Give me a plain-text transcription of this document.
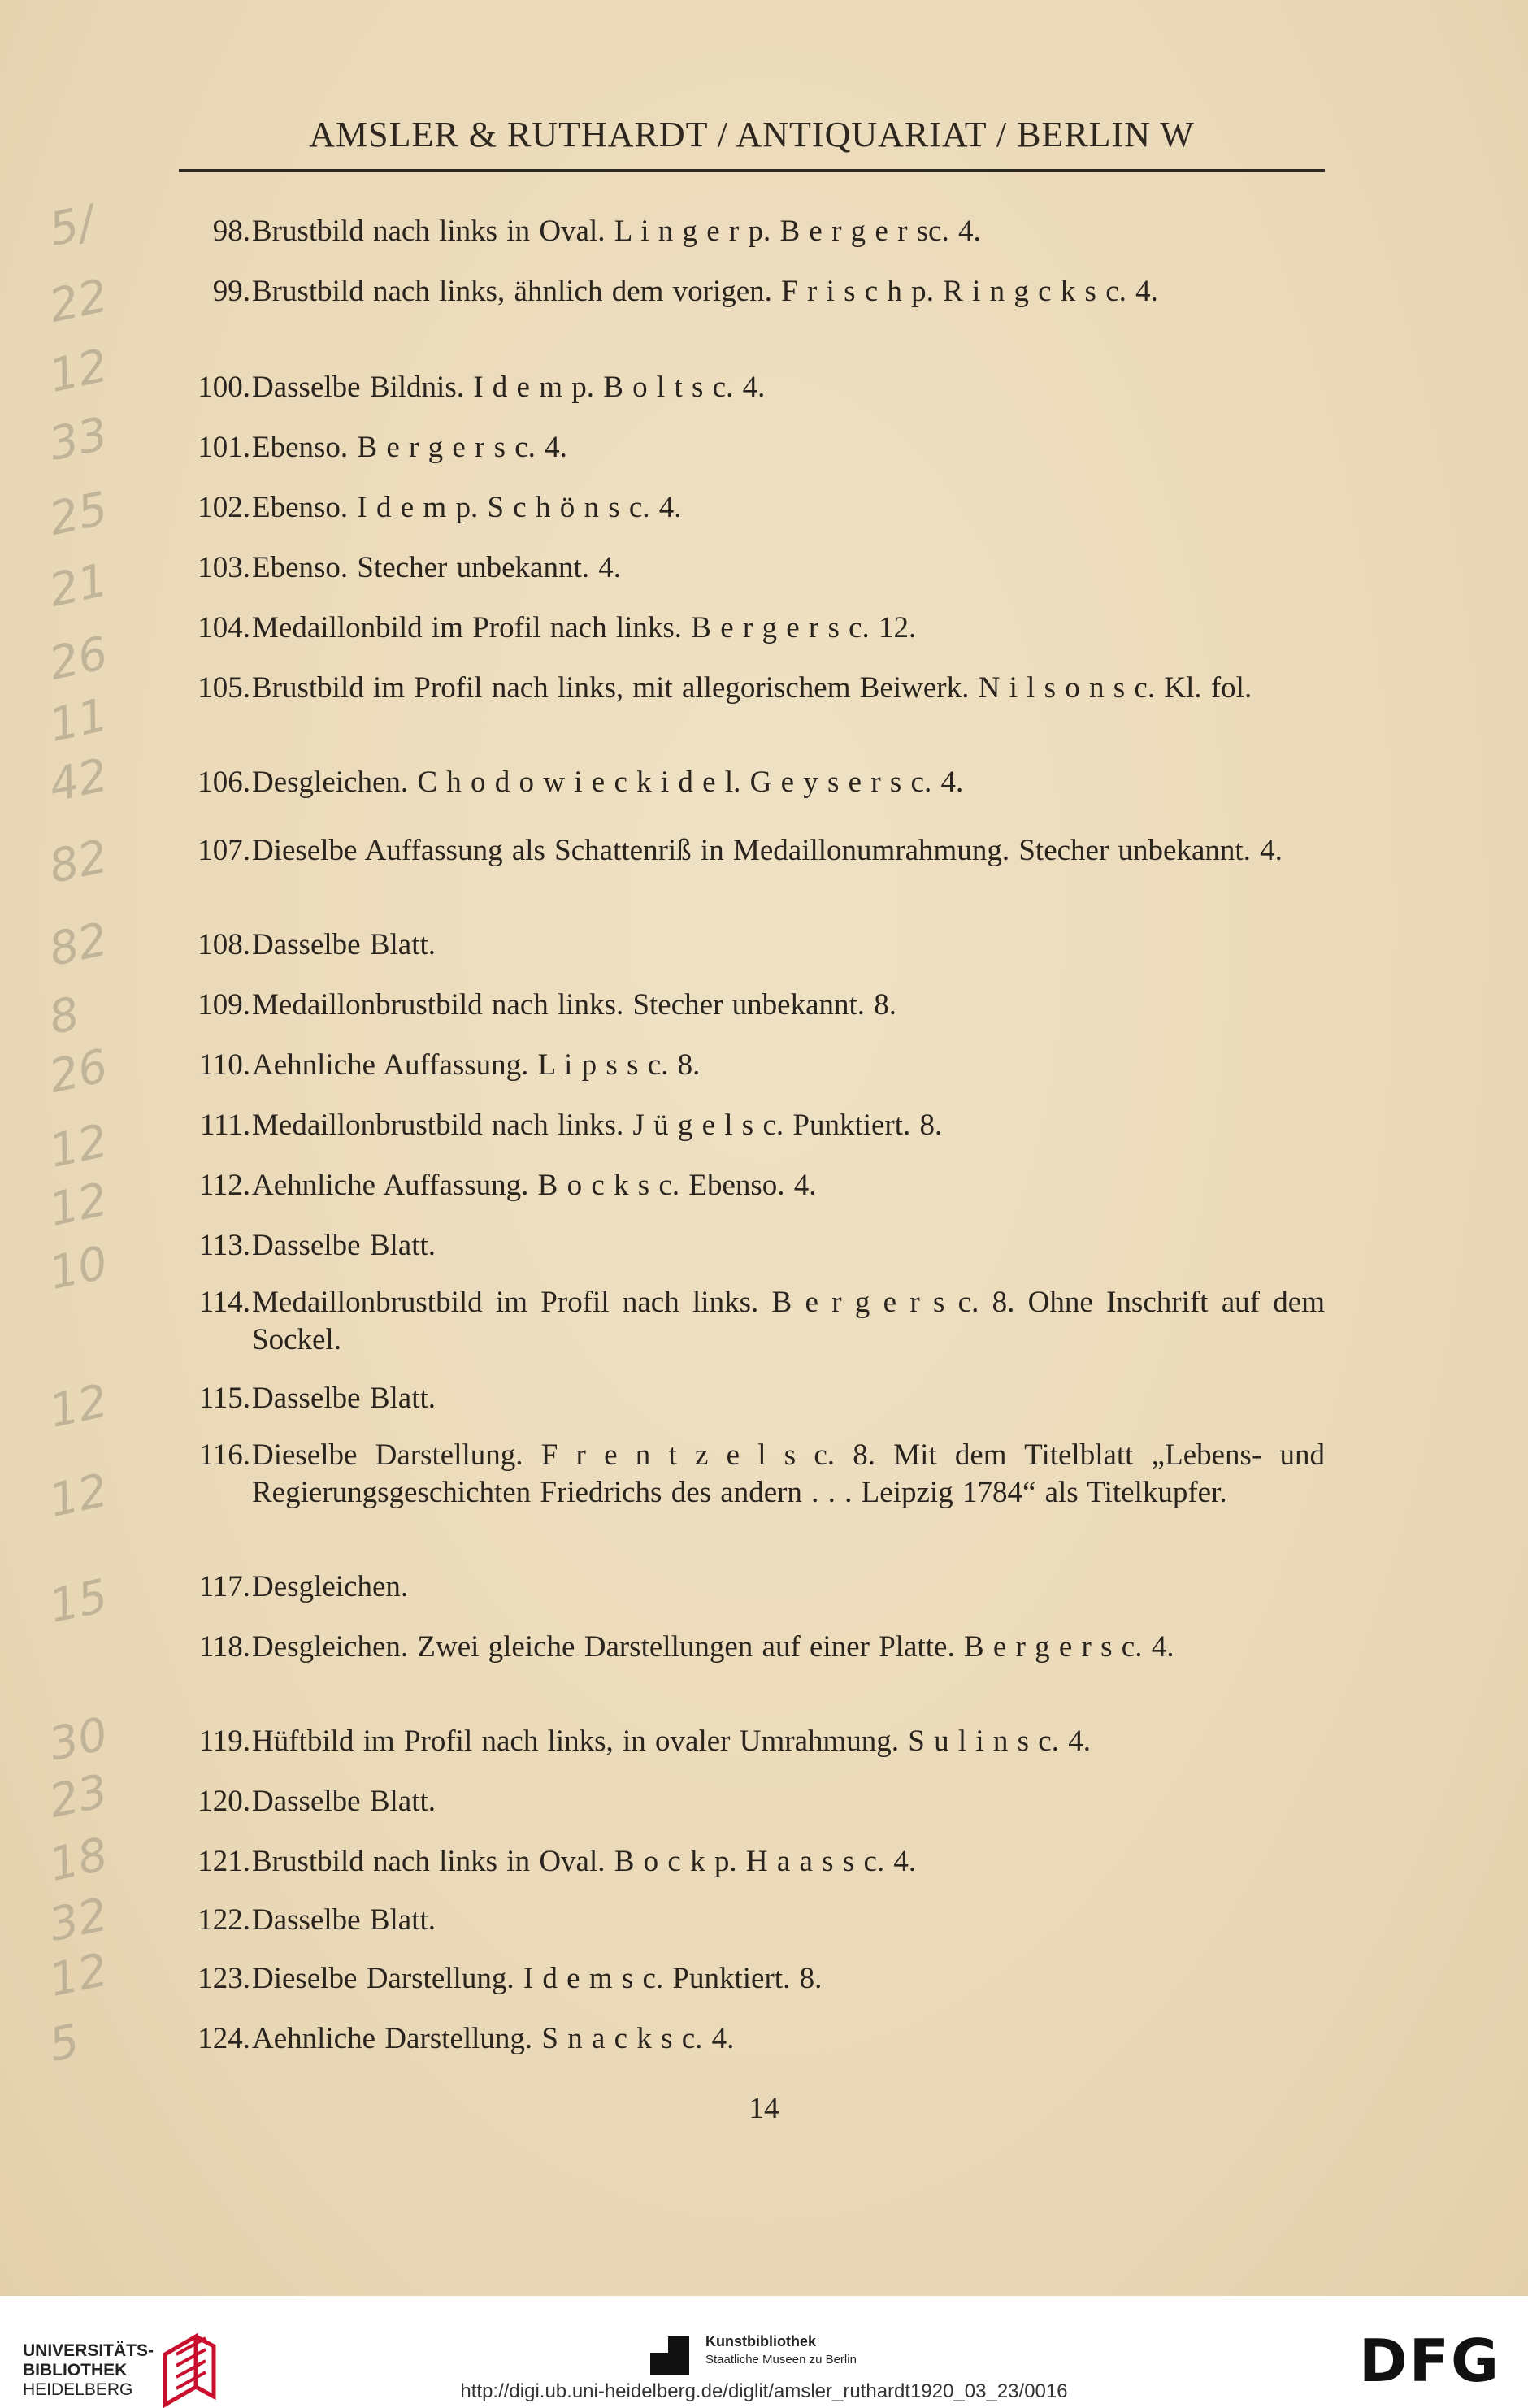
AMSLER & RUTHARDT / ANTIQUARIAT / BERLIN W
5/
22
12
33
25
21
26
11
42
82
82
8
26
12
12
10
12
12
15
30
23
18
32
12
5

98. Brustbild nach links in Oval. L i n g e r p. B e r g e r sc. 4.

99. Brustbild nach links, ähnlich dem vorigen. F r i s c h p. R i n g c k s c. 4.

100. Dasselbe Bildnis. I d e m p. B o l t s c. 4.

101. Ebenso. B e r g e r s c. 4.

102. Ebenso. I d e m p. S c h ö n s c. 4.

103. Ebenso. Stecher unbekannt. 4.

104. Medaillonbild im Profil nach links. B e r g e r s c. 12.

105. Brustbild im Profil nach links, mit allegorischem Beiwerk. N i l s o n s c. Kl. fol.

106. Desgleichen. C h o d o w i e c k i d e l. G e y s e r s c. 4.

107. Dieselbe Auffassung als Schattenriß in Medaillonumrahmung. Stecher unbekannt. 4.

108. Dasselbe Blatt.

109. Medaillonbrustbild nach links. Stecher unbekannt. 8.

110. Aehnliche Auffassung. L i p s s c. 8.

111. Medaillonbrustbild nach links. J ü g e l s c. Punktiert. 8.

112. Aehnliche Auffassung. B o c k s c. Ebenso. 4.

113. Dasselbe Blatt.

114. Medaillonbrustbild im Profil nach links. B e r g e r s c. 8. Ohne Inschrift auf dem Sockel.

115. Dasselbe Blatt.

116. Dieselbe Darstellung. F r e n t z e l s c. 8. Mit dem Titelblatt „Lebens- und Regierungsgeschichten Friedrichs des andern . . . Leipzig 1784“ als Titelkupfer.

117. Desgleichen.

118. Desgleichen. Zwei gleiche Darstellungen auf einer Platte. B e r g e r s c. 4.

119. Hüftbild im Profil nach links, in ovaler Umrahmung. S u l i n s c. 4.

120. Dasselbe Blatt.

121. Brustbild nach links in Oval. B o c k p. H a a s s c. 4.

122. Dasselbe Blatt.

123. Dieselbe Darstellung. I d e m s c. Punktiert. 8.

124. Aehnliche Darstellung. S n a c k s c. 4.

14
UNIVERSITÄTS-
BIBLIOTHEK
HEIDELBERG
Kunstbibliothek
Staatliche Museen zu Berlin	DFG
http://digi.ub.uni-heidelberg.de/diglit/amsler_ruthardt1920_03_23/0016
